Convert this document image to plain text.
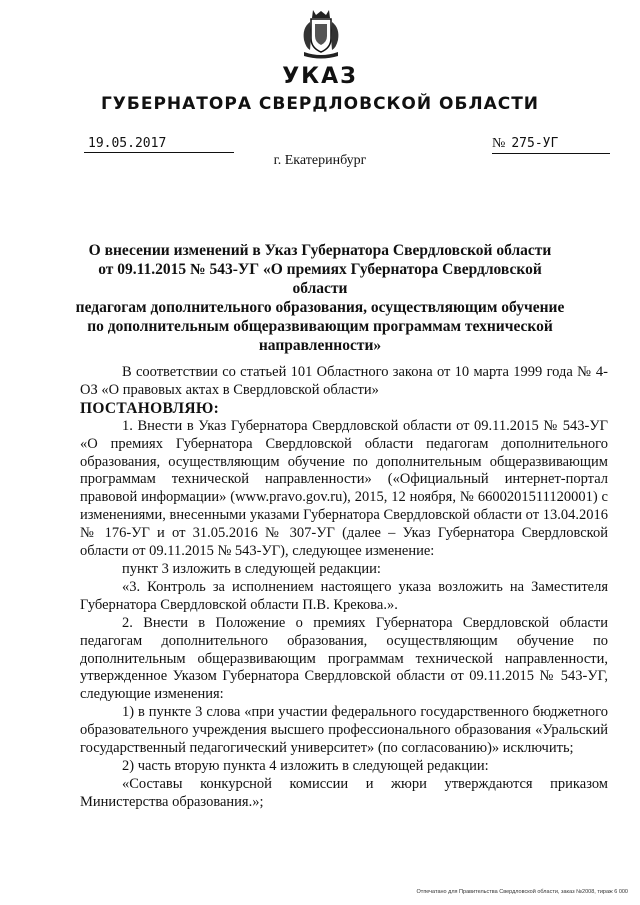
УКАЗ
ГУБЕРНАТОРА СВЕРДЛОВСКОЙ ОБЛАСТИ
19.05.2017	№ 275-УГ
г. Екатеринбург
О внесении изменений в Указ Губернатора Свердловской области
от 09.11.2015 № 543-УГ «О премиях Губернатора Свердловской области
педагогам дополнительного образования, осуществляющим обучение
по дополнительным общеразвивающим программам технической
направленности»

В соответствии со статьей 101 Областного закона от 10 марта 1999 года № 4-ОЗ «О правовых актах в Свердловской области»

ПОСТАНОВЛЯЮ:

1. Внести в Указ Губернатора Свердловской области от 09.11.2015 № 543-УГ «О премиях Губернатора Свердловской области педагогам дополнительного образования, осуществляющим обучение по дополнительным общеразвивающим программам технической направленности» («Официальный интернет-портал правовой информации» (www.pravo.gov.ru), 2015, 12 ноября, № 6600201511120001) с изменениями, внесенными указами Губернатора Свердловской области от 13.04.2016 № 176-УГ и от 31.05.2016 № 307-УГ (далее – Указ Губернатора Свердловской области от 09.11.2015 № 543-УГ), следующее изменение:

пункт 3 изложить в следующей редакции:

«3. Контроль за исполнением настоящего указа возложить на Заместителя Губернатора Свердловской области П.В. Крекова.».

2. Внести в Положение о премиях Губернатора Свердловской области педагогам дополнительного образования, осуществляющим обучение по дополнительным общеразвивающим программам технической направленности, утвержденное Указом Губернатора Свердловской области от 09.11.2015 № 543-УГ, следующие изменения:

1) в пункте 3 слова «при участии федерального государственного бюджетного образовательного учреждения высшего профессионального образования «Уральский государственный педагогический университет» (по согласованию)» исключить;

2) часть вторую пункта 4 изложить в следующей редакции:

«Составы конкурсной комиссии и жюри утверждаются приказом Министерства образования.»;

Отпечатано для Правительства Свердловской области, заказ №2008, тираж 6 000
